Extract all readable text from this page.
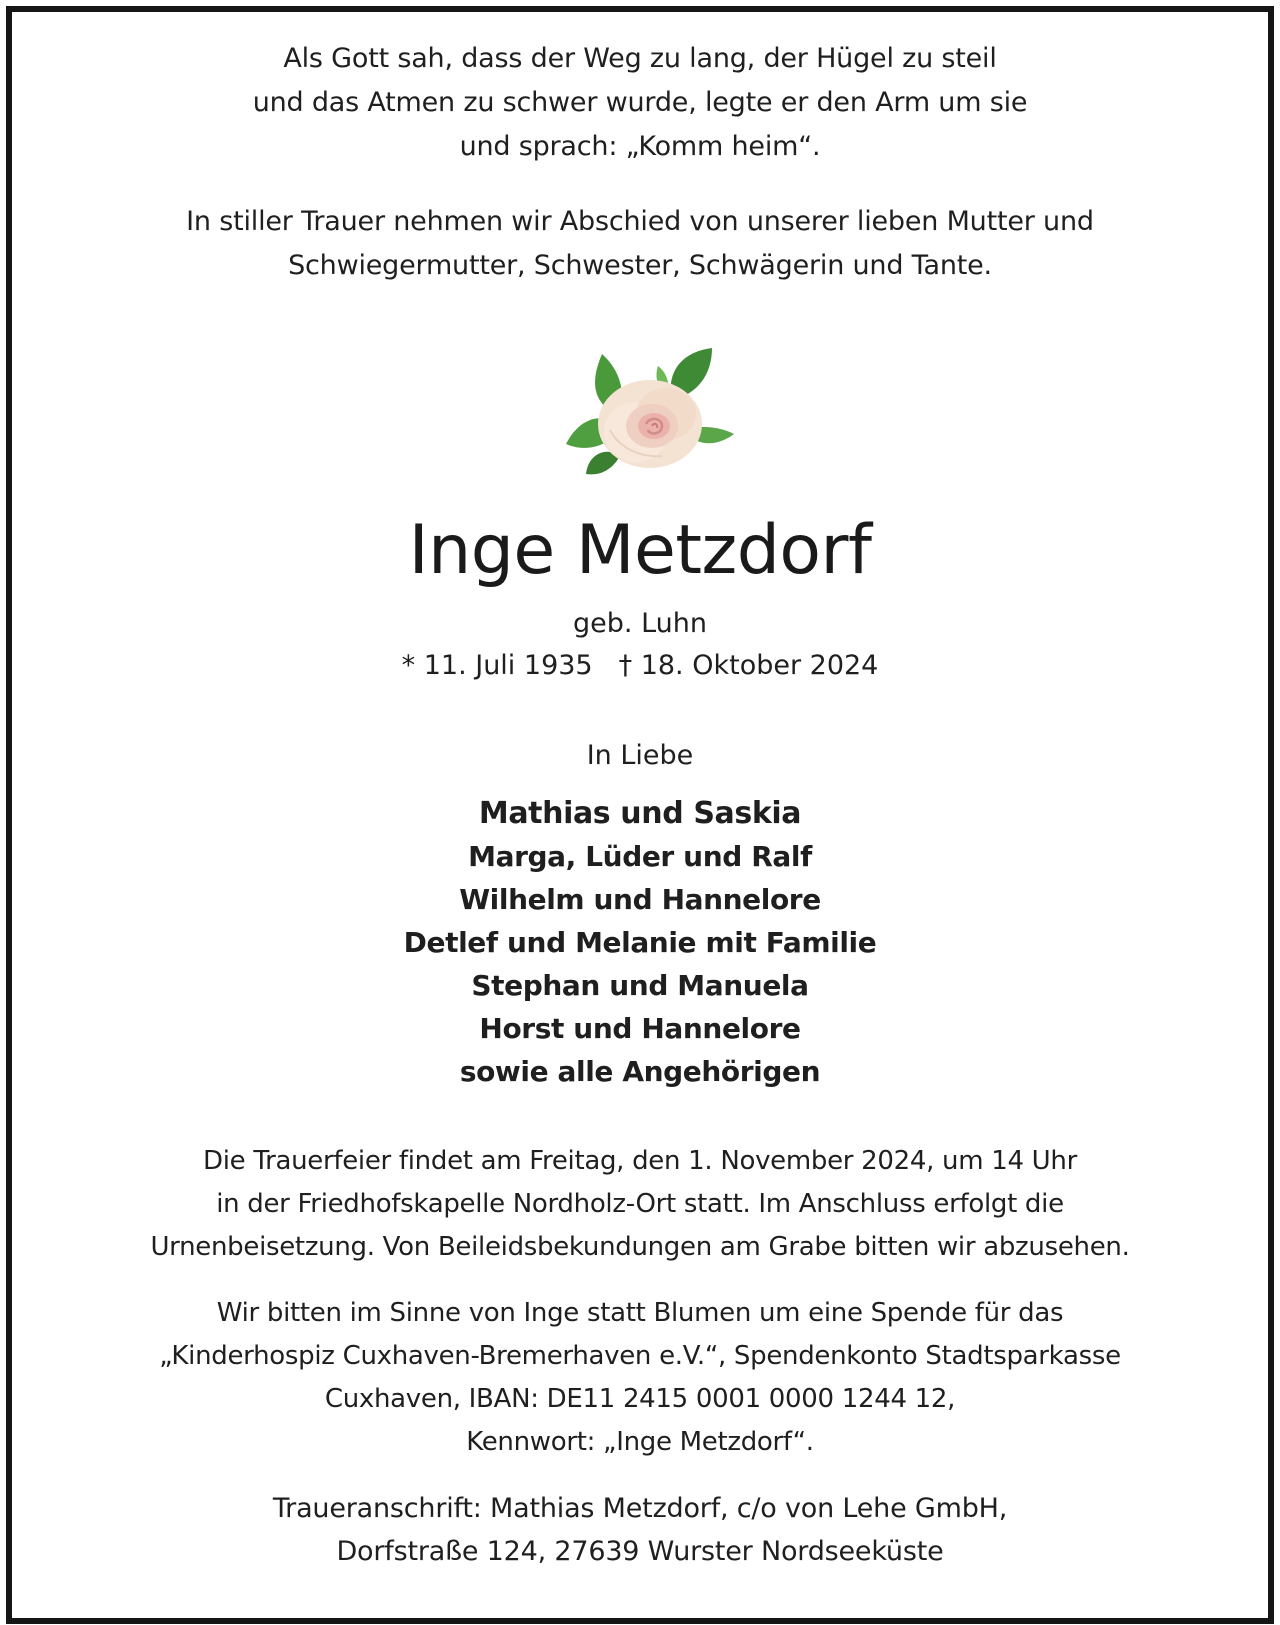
Als Gott sah, dass der Weg zu lang, der Hügel zu steil
und das Atmen zu schwer wurde, legte er den Arm um sie
und sprach: „Komm heim“.
In stiller Trauer nehmen wir Abschied von unserer lieben Mutter und
Schwiegermutter, Schwester, Schwägerin und Tante.
Inge Metzdorf
geb. Luhn
* 11. Juli 1935 † 18. Oktober 2024
In Liebe
Mathias und Saskia
Marga, Lüder und Ralf
Wilhelm und Hannelore
Detlef und Melanie mit Familie
Stephan und Manuela
Horst und Hannelore
sowie alle Angehörigen
Die Trauerfeier findet am Freitag, den 1. November 2024, um 14 Uhr
in der Friedhofskapelle Nordholz-Ort statt. Im Anschluss erfolgt die
Urnenbeisetzung. Von Beileidsbekundungen am Grabe bitten wir abzusehen.
Wir bitten im Sinne von Inge statt Blumen um eine Spende für das
„Kinderhospiz Cuxhaven-Bremerhaven e.V.“, Spendenkonto Stadtsparkasse
Cuxhaven, IBAN: DE11 2415 0001 0000 1244 12,
Kennwort: „Inge Metzdorf“.
Traueranschrift: Mathias Metzdorf, c/o von Lehe GmbH,
Dorfstraße 124, 27639 Wurster Nordseeküste
